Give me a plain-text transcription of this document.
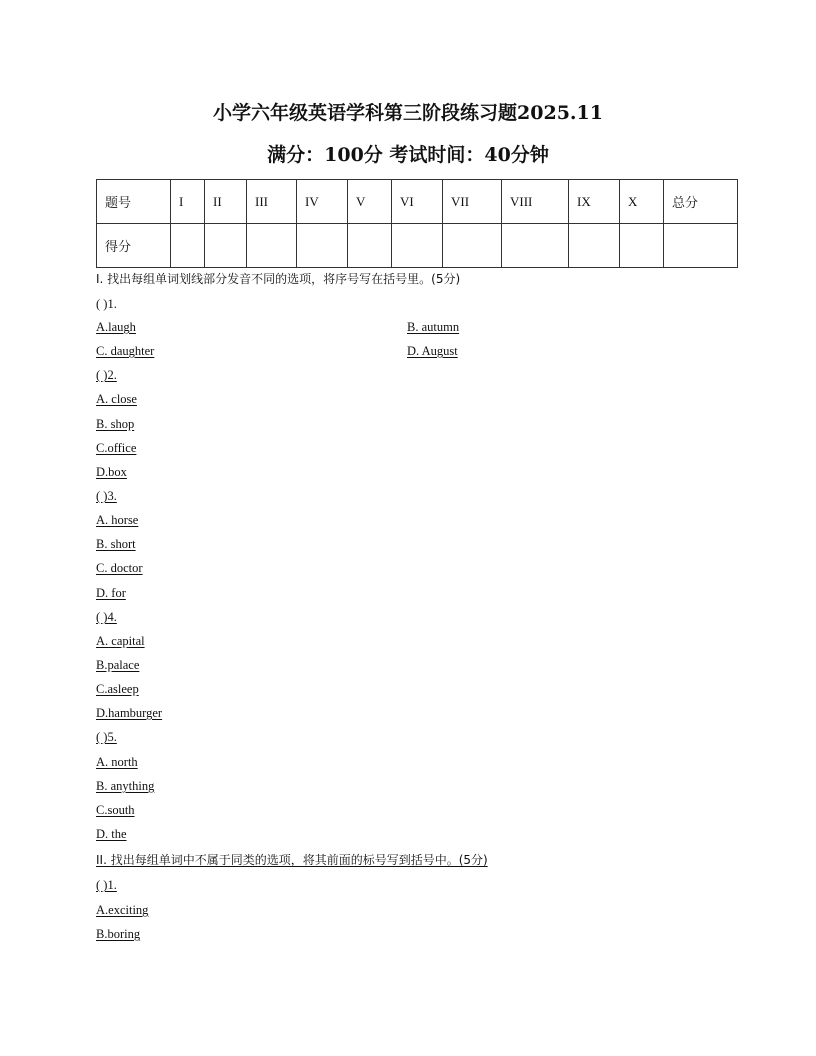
小学六年级英语学科第三阶段练习题2025.11
满分：100分 考试时间：40分钟
题号	I	II	III	IV	V	VI	VII	VIII	IX	X	总分
得分											
I. 找出每组单词划线部分发音不同的选项，将序号写在括号里。(5分)
( )1.
A.laugh	B. autumn
C. daughter	D. August
( )2.
A. close
B. shop
C.office
D.box
( )3.
A. horse
B. short
C. doctor
D. for
( )4.
A. capital
B.palace
C.asleep
D.hamburger
( )5.
A. north
B. anything
C.south
D. the
II. 找出每组单词中不属于同类的选项，将其前面的标号写到括号中。(5分)
( )1.
A.exciting
B.boring
